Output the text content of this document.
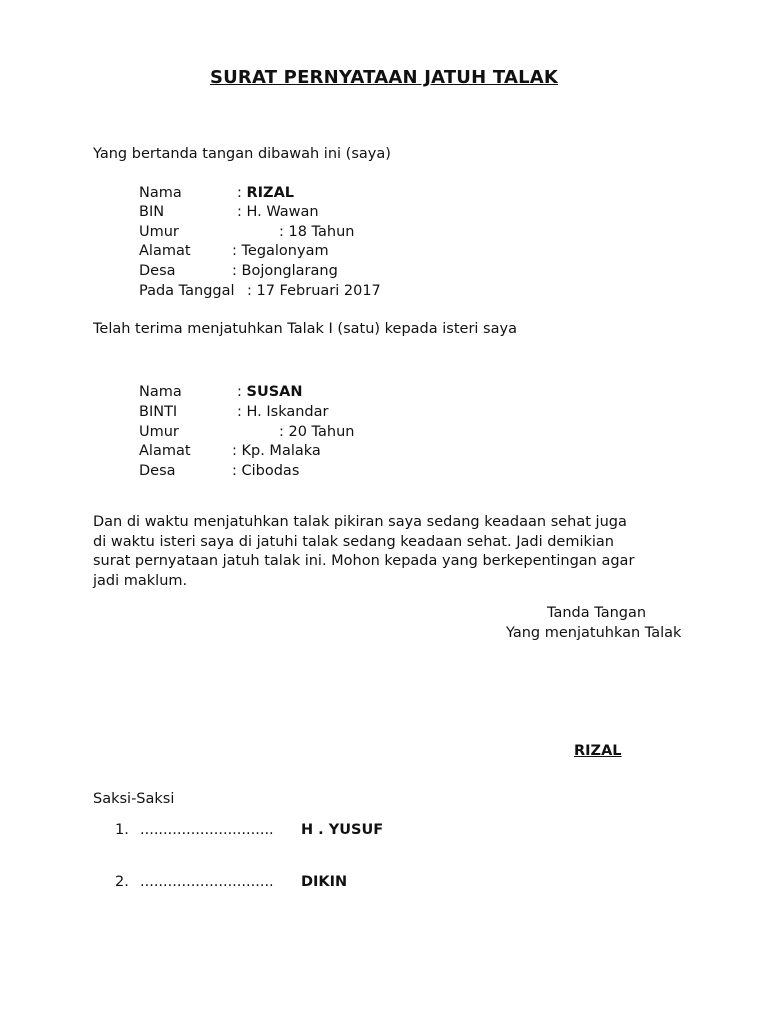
SURAT PERNYATAAN JATUH TALAK
Yang bertanda tangan dibawah ini (saya)
Nama	: RIZAL
BIN	: H. Wawan
Umur	: 18 Tahun
Alamat	: Tegalonyam
Desa	: Bojonglarang
Pada Tanggal : 17 Februari 2017
Telah terima menjatuhkan Talak I (satu) kepada isteri saya
Nama	: SUSAN
BINTI	: H. Iskandar
Umur	: 20 Tahun
Alamat	: Kp. Malaka
Desa	: Cibodas
Dan di waktu menjatuhkan talak pikiran saya sedang keadaan sehat juga
di waktu isteri saya di jatuhi talak sedang keadaan sehat. Jadi demikian
surat pernyataan jatuh talak ini. Mohon kepada yang berkepentingan agar
jadi maklum.
Tanda Tangan
Yang menjatuhkan Talak
RIZAL
Saksi-Saksi
1. ............................. H . YUSUF
2. ............................. DIKIN
